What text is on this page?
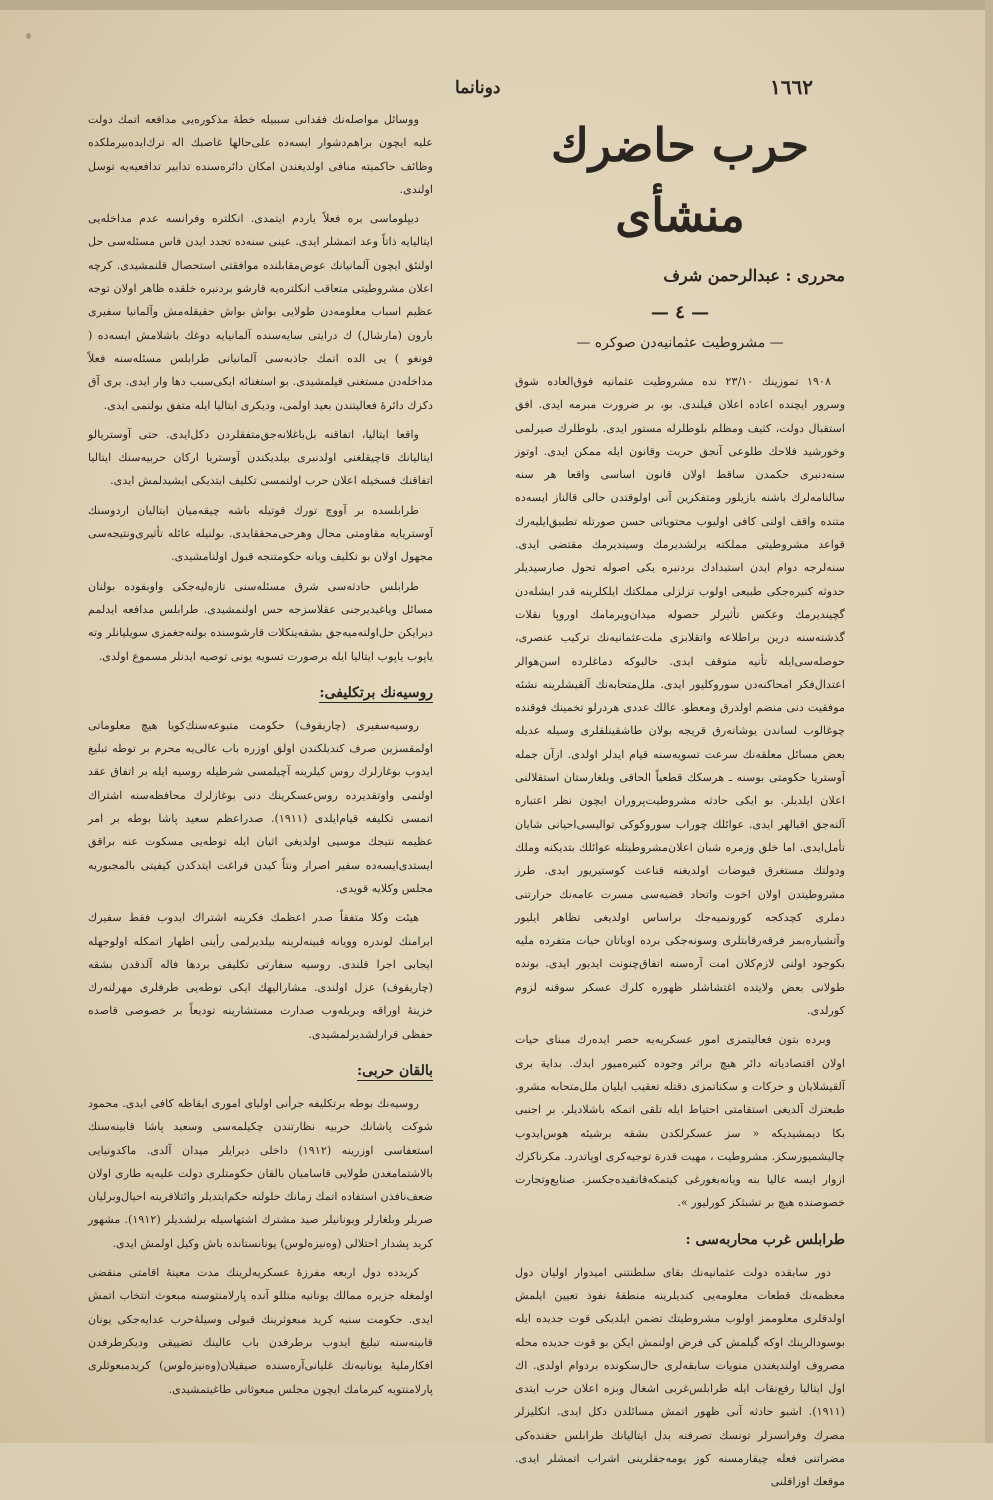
١٦٦٢
دونانما
حرب حاضرك منشأی
محرری : عبدالرحمن شرف
— ٤ —
— مشروطیت عثمانیه‌دن صوکره —

١٩٠٨ تموزینك ٢٣/١٠ نده مشروطیت عثمانیه فوق‌العاده شوق وسرور ایچنده اعاده اعلان قیلندی. بو، بر ضرورت مبرمه ایدی. افق استقبال دولت، کثیف ومظلم بلوطلرله مستور ایدی. بلوطلرك صیرلمی وخورشید فلاحك طلوعی آنجق حریت وقانون ایله ممکن ایدی. اوتوز سنه‌دنبری حکمدن ساقط اولان قانون اساسی واقعا هر سنه سالنامه‌لرك باشنه بازیلور ومتفکرین آنی اولوقتدن حالی قالناز ایسه‌ده متنده واقف اولنی کافی اولیوب محتویاتی حسن صورتله تطبیق‌ایلیه‌رك قواعد مشروطیتی مملکته یرلشدیرمك وسیندیرمك مقتضی ایدی. سنه‌لرجه دوام ایدن استبدادك بردنبره یکی اصوله تحول صارسیدیلر حدوثه کنیره‌جکی طبیعی اولوب تزلزلی مملکتك ایلکلرینه قدر ایشله‌دن گچیندیرمك وعکس تأثیرلر حصوله میدان‌ویرمامك اوروپا نقلات گذشته‌سنه درین براطلاعه واتقلابزی ملت‌عثمانیه‌نك ترکیب عنصری، حوصله‌سی‌ایله تأنیه متوقف ایدی. حالبوکه دماغلرده اسن‌هوالر اعتدال‌فکر امحاکنه‌دن سورو‌کلیور ایدی. ملل‌متحابه‌نك آلقیشلرینه نشئه موفقیت دنی منضم اولدرق ومعطو. عالك عددی هردرلو تخمینك فوقنده چوغالوب لساندن یوشانه‌رق قریجه بولان طاشقینلقلری وسیله عدیله بعض مسائل معلقه‌نك سرعت تسویه‌سنه قیام ایدلر اولدی. ازآن جمله آوستریا حکومتی بوسنه ـ هرسکك قطعیاً الحاقی وبلغارستان استقلالنی اعلان ایلدیلر. بو ایکی حادثه مشروطیت‌پروران ایچون نظر اعتباره آلنه‌جق اقبالهر ایدی. عوائلك چوراب سورو‌کو‌کی توالیسی‌احیانی شایان تأمل‌ایدی. اما خلق وزمره شبان اعلان‌مشروطیتله عوائلك بتدیکنه وملك ودولتك مستغرق فیوضات اولدیغنه قناعت کوستیریور ایدی. طرز مشروطیتدن اولان اخوت واتحاد قضیه‌سی مسرت عامه‌نك حرارتنی دملری کچدکجه کورونمیه‌جك براساس اولدیغی تظاهر ایلیور وآتشیاره‌بمز فرقه‌رقابتلری وسونه‌جکی برده اوباتان حیات متفرده ملیه بکوجود اولنی لازم‌کلان امت آره‌سنه اتفاق‌چنونت ایدیور ایدی. بونده طولانی بعض ولایتده اغتشاشلر ظهوره کلرك عسکر سوقنه لزوم کورلدی.

وبرده بتون فعالیتمزی امور عسکریه‌یه حصر ایده‌رك مبنای حیات اولان اقتصادیاته دائر هیچ براثر وجوده کتیره‌میور ایدك. بدایة بری آلقیشلایان و حرکات و سکناتمزی دقتله تعقیب ایلیان ملل‌متحابه مشرو. طبعتزك آلدیغی استقامتی احتیاط ایله تلقی اتمکه باشلادیلر. بر اجنبی بکا دیمشیدیکه « سز عسکرلکدن بشقه برشیئه هوس‌ایدوب چالیشمیورسکز. مشروطیت ، مهیت قدرة توجیه‌کری اوپاتدرد. مکرناکزك ازوار ایسه عالیا بنه ویانه‌بغورغی کیتمکه‌قاتقیده‌جکسز. صنایع‌وتجارت خصوصنده هیچ بر تشبثکز کورلیور ».

طرابلس غرب محاربه‌سی :

دور سابقده دولت عثمانیه‌نك بقای سلطنتنی امیدوار اولیان دول معظمه‌نك قطعات معلومه‌یی کندیلرینه منطقهٔ نفوذ تعیین ایلمش اولدقلری معلوممز اولوب مشروطیتك تضمن ایلدیکی قوت جدیده ایله بوسودالرینك اوکه گیلمش کی فرض اولنمش ایکن بو قوت جدیده محله مصروف اولندیغندن منویات سابقه‌لری حال‌سکونده بردوام اولدی. اك اول ایتالیا رفع‌نقاب ایله طرابلس‌غربی اشغال وبزه اعلان حرب ایتدی (١٩١١). اشبو حادثه آنی ظهور اتمش مسائلدن دکل ایدی. انکلیزلر مصرك وفرانسزلر تونسك تصرفنه بدل ایتالیانك طرابلس حقنده‌کی مضراتنی فعله چیقارمسنه کوز یومه‌جقلرینی اشراب اتمشلر ایدی. موقعك اوزاقلنی

ووسائل مواصله‌نك فقدانی سببیله خطهٔ مذکوره‌یی مدافعه اتمك دولت علیه ایچون براهم‌دشوار ایسه‌ده علی‌حالها غاصبك اله ترك‌ایده‌بیرملکده وظائف حاکمیته منافی اولدیغندن امکان دائره‌سنده تدابیر تدافعیه‌یه توسل اولندی.

دیپلوماسی بره فعلاً یاردم ایتمدی. انکلتره وفرانسه عدم مداخله‌یی ایتالیایه ذاتاً وعد اتمشلر ایدی. عینی سنه‌ده تجدد ایدن فاس مسئله‌سی حل اولنئق ایچون آلمانیانك عوض‌مقابلنده موافقتی استحصال قلنمشیدی. کرچه اعلان مشروطیتی متعاقب انکلتره‌یه قارشو بردنبره خلقده ظاهر اولان توجه عظیم اسباب معلومه‌دن طولایی بواش بواش حقیقله‌مش وآلمانیا سفیری بارون (مارشال) ك درایتی سایه‌سنده آلمانیایه دوغك باشلامش ایسه‌ده ( فونغو ) یی الده اتمك جاذبه‌سی آلمانیانی طرابلس مسئله‌سنه فعلاً مداخله‌دن مستغنی قیلمشیدی. بو استغنائه ایکی‌سبب دها وار ایدی. برى آق دکزك دائرهٔ فعالیتندن بعید اولمی، ودیکری ایتالیا ایله متفق بولنمی ایدی.

واقعا ایتالیا، اتفاقنه بل‌باغلانه‌جق‌متفقلردن دکل‌ایدی. حتی آوستریالو ایتالیانك قاچیقلغنی اولدنبری بیلدیکندن آوستریا ارکان حربیه‌سنك ایتالیا اتفاقنك فسخیله اعلان حرب اولنمسی تکلیف ایتدیکی ایشیدلمش ایدی.

طرابلسده بر آووچ تورك قوتیله باشه چیقه‌میان ایتالیان اردوسنك آوستریایه مقاومتی محال وهرحی‌محققایدی. بولنیله عائله تأثیری‌ونتیجه‌سی مجهول اولان بو تکلیف ویانه حکومتنجه قبول اولنامشیدی.

طرابلس حادثه‌سی شرق مسئله‌سنی تازه‌لیه‌جکی واوبقوده بولنان مسائل ویاغیدیرجنی عقلاسزجه حس اولنمشیدی. طرابلس مدافعه ایدلمم دیرایکن حل‌اولنه‌میه‌جق بشقه‌ینکلات قارشوسنده بولنه‌جغمزی سویلیانلر وته یاپوب یاپوب ایتالیا ایله برصورت تسویه یونی توصیه ایدنلر مسموع اولدی.

روسیه‌نك برتکلیفی:

روسیه‌سفیری (چاریقوف) حکومت متبوعه‌سنك‌کویا هیچ معلوماتی اولمقسزین صرف کندیلکندن اولق اوزره باب عالی‌یه محرم بر توطه تبلیغ ایدوب بوغازلرك روس کیلرینه آچیلمسی شرطیله روسیه ایله بر اتفاق عقد اولنمی واوتقدیرده روس‌عسکرینك دنی بوغازلرك محافظه‌سنه اشتراك اتمسی تکلیفه قیام‌ایلدی (١٩١١). صدراعظم سعید پاشا بوطه بر امر عظیمه نتیجك موسیی اولدیغی اثیان ایله توطه‌یی مسکوت عنه براقق ایستدی‌ایسه‌ده سفیر اصرار ونتاً کیدن فراغت ایتدکدن کیفیتی بالمجبوریه مجلس وکلایه قویدی.

هیئت وکلا متفقاً صدر اعظمك فکرینه اشتراك ایدوب فقط سفیرك ایرامنك لوندره وویانه قبینه‌لرینه بیلدیرلمی رأینی اظهار اتمکله اولوجهله ایجابی اجرا قلندی. روسیه سفارتی تکلیفی بردها فاله آلدقدن بشقه (چاریقوف) عزل اولندی. مشارالیهك ایکی توطه‌یی طرفلری مهرلنه‌رك خزینهٔ اوراقه وبریله‌وب صدارت مستشارینه تودیعاً بر خصوصی قاصده حفظی قرارلشدیرلمشیدی.

بالقان حربی:

روسیه‌نك بوطه برتکلیفه جرأنی اولیای اموری ایقاظه کافی ایدی. محمود شوکت پاشانك حربیه نظارتندن چکیلمه‌سی وسعید پاشا قابینه‌سنك استعفاسی اوزرینه (١٩١٢) داخلی دیرایلر میدان آلدی. ماکدونیایی بالاشتمامغدن طولایی قاسامیان بالقان حکومتلری دولت علیه‌یه طاری اولان ضعف‌نافذن استفاده اتمك زمانك حلولنه حکم‌ایتدیلر وائتلافرینه احیال‌وبرلیان صربلر وبلغارلر ویونانیلر صید مشترك اشتهاسیله برلشدیلر (١٩١٢). مشهور کرید پشدار احتلالی (وه‌نیزه‌لوس) یونانستانده باش وکیل اولمش ایدی.

کریدده دول اربعه مفرزهٔ عسکریه‌لرینك مدت معینهٔ اقامتی منقضی اولمغله جزیره ممالك یونانیه متللو آنده پارلامنتوسنه مبعوث انتخاب اتمش ایدی. حکومت سنیه کرید مبعوثرینك قبولی وسیلهٔ‌حرب عدایه‌جکی یونان قابینه‌سنه تبلیغ ایدوب برطرفدن باب عالینك تضییقی ودیکرطرفدن افکارملیهٔ یونانیه‌نك غلیانی‌آره‌سنده صیقیلان(وه‌نیزه‌لوس) کریدمبعوثلری پارلامنتویه کیرمامك ایچون مجلس مبعوثانی طاغیتمشیدی.
